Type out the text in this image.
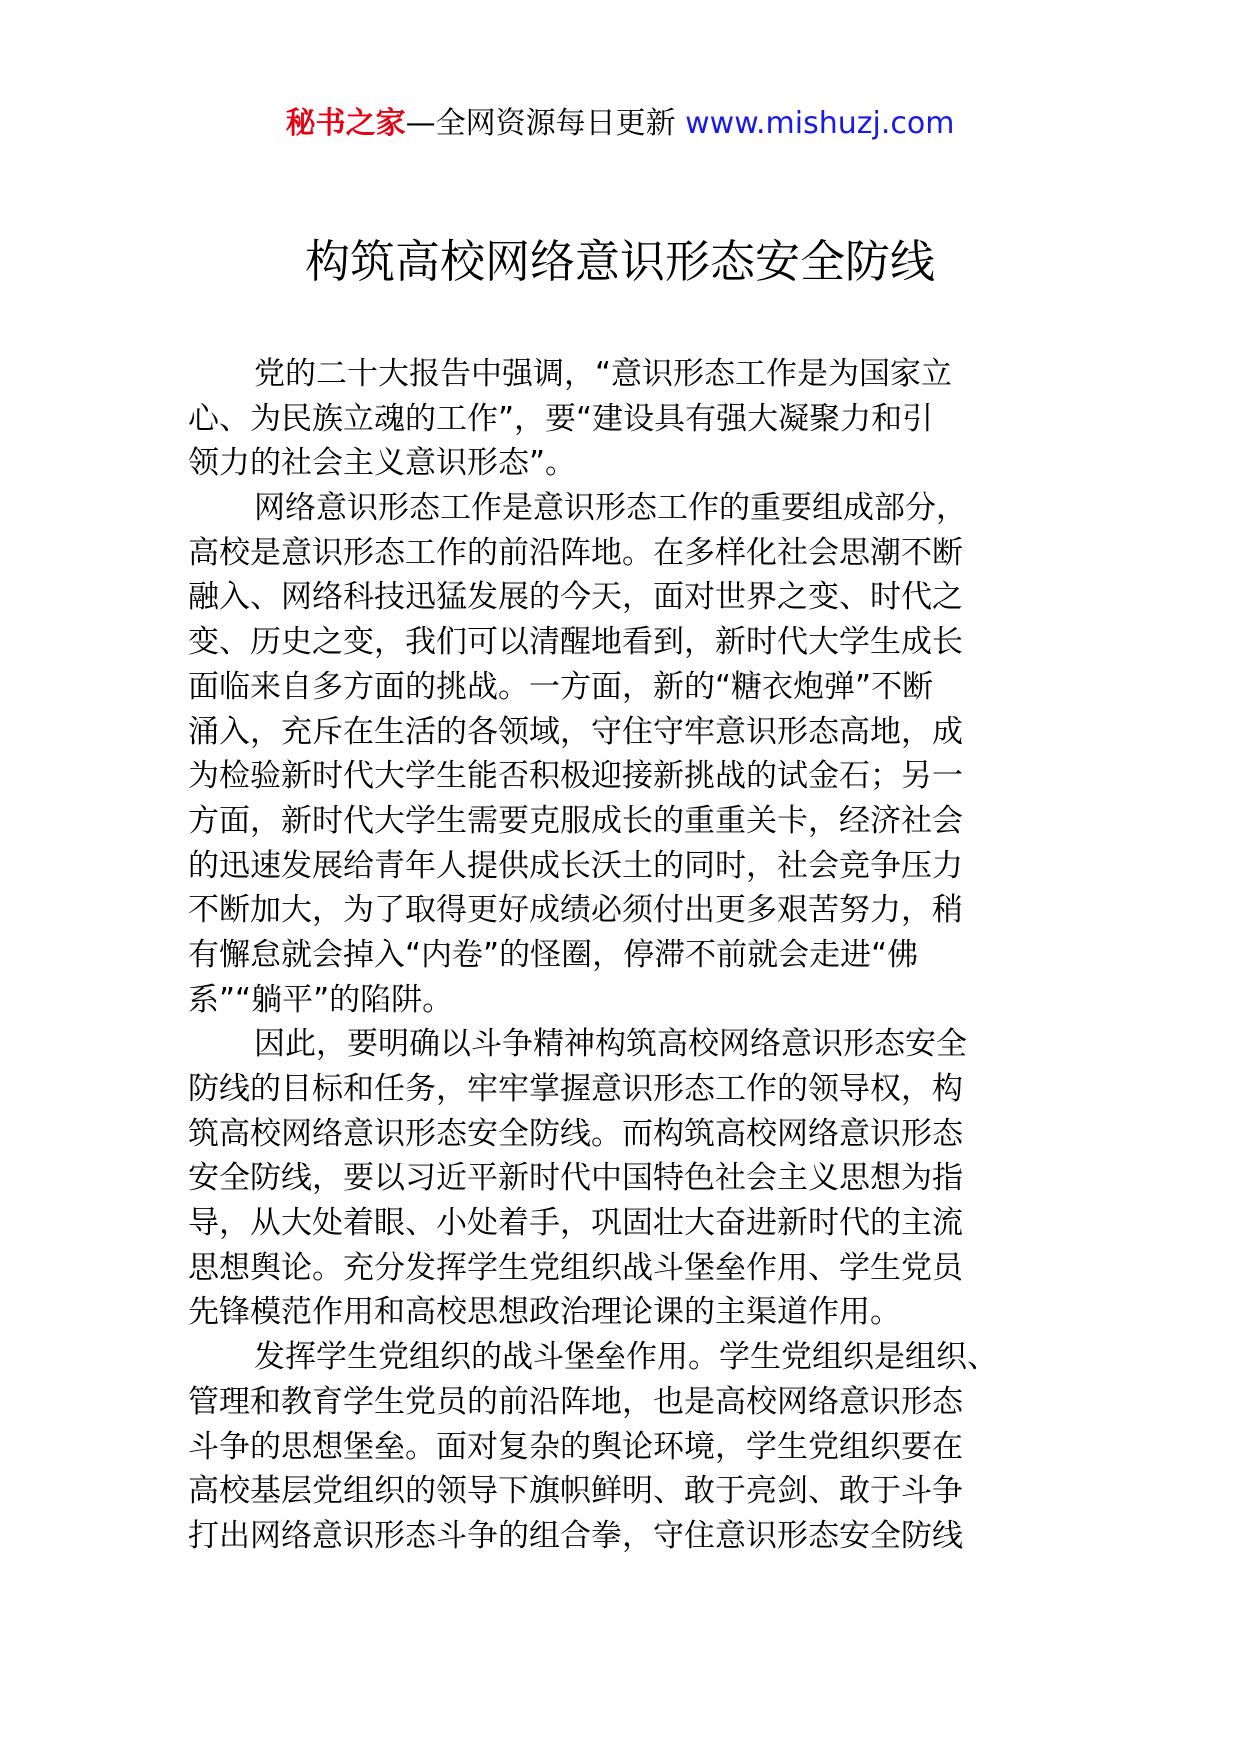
秘书之家—全网资源每日更新 www.mishuzj.com
构筑高校网络意识形态安全防线
党的二十大报告中强调，“意识形态工作是为国家立
心、为民族立魂的工作”，要“建设具有强大凝聚力和引
领力的社会主义意识形态”。
网络意识形态工作是意识形态工作的重要组成部分，
高校是意识形态工作的前沿阵地。在多样化社会思潮不断
融入、网络科技迅猛发展的今天，面对世界之变、时代之
变、历史之变，我们可以清醒地看到，新时代大学生成长
面临来自多方面的挑战。一方面，新的“糖衣炮弹”不断
涌入，充斥在生活的各领域，守住守牢意识形态高地，成
为检验新时代大学生能否积极迎接新挑战的试金石；另一
方面，新时代大学生需要克服成长的重重关卡，经济社会
的迅速发展给青年人提供成长沃土的同时，社会竞争压力
不断加大，为了取得更好成绩必须付出更多艰苦努力，稍
有懈怠就会掉入“内卷”的怪圈，停滞不前就会走进“佛
系”“躺平”的陷阱。
因此，要明确以斗争精神构筑高校网络意识形态安全
防线的目标和任务，牢牢掌握意识形态工作的领导权，构
筑高校网络意识形态安全防线。而构筑高校网络意识形态
安全防线，要以习近平新时代中国特色社会主义思想为指
导，从大处着眼、小处着手，巩固壮大奋进新时代的主流
思想舆论。充分发挥学生党组织战斗堡垒作用、学生党员
先锋模范作用和高校思想政治理论课的主渠道作用。
发挥学生党组织的战斗堡垒作用。学生党组织是组织、
管理和教育学生党员的前沿阵地，也是高校网络意识形态
斗争的思想堡垒。面对复杂的舆论环境，学生党组织要在
高校基层党组织的领导下旗帜鲜明、敢于亮剑、敢于斗争
打出网络意识形态斗争的组合拳，守住意识形态安全防线
